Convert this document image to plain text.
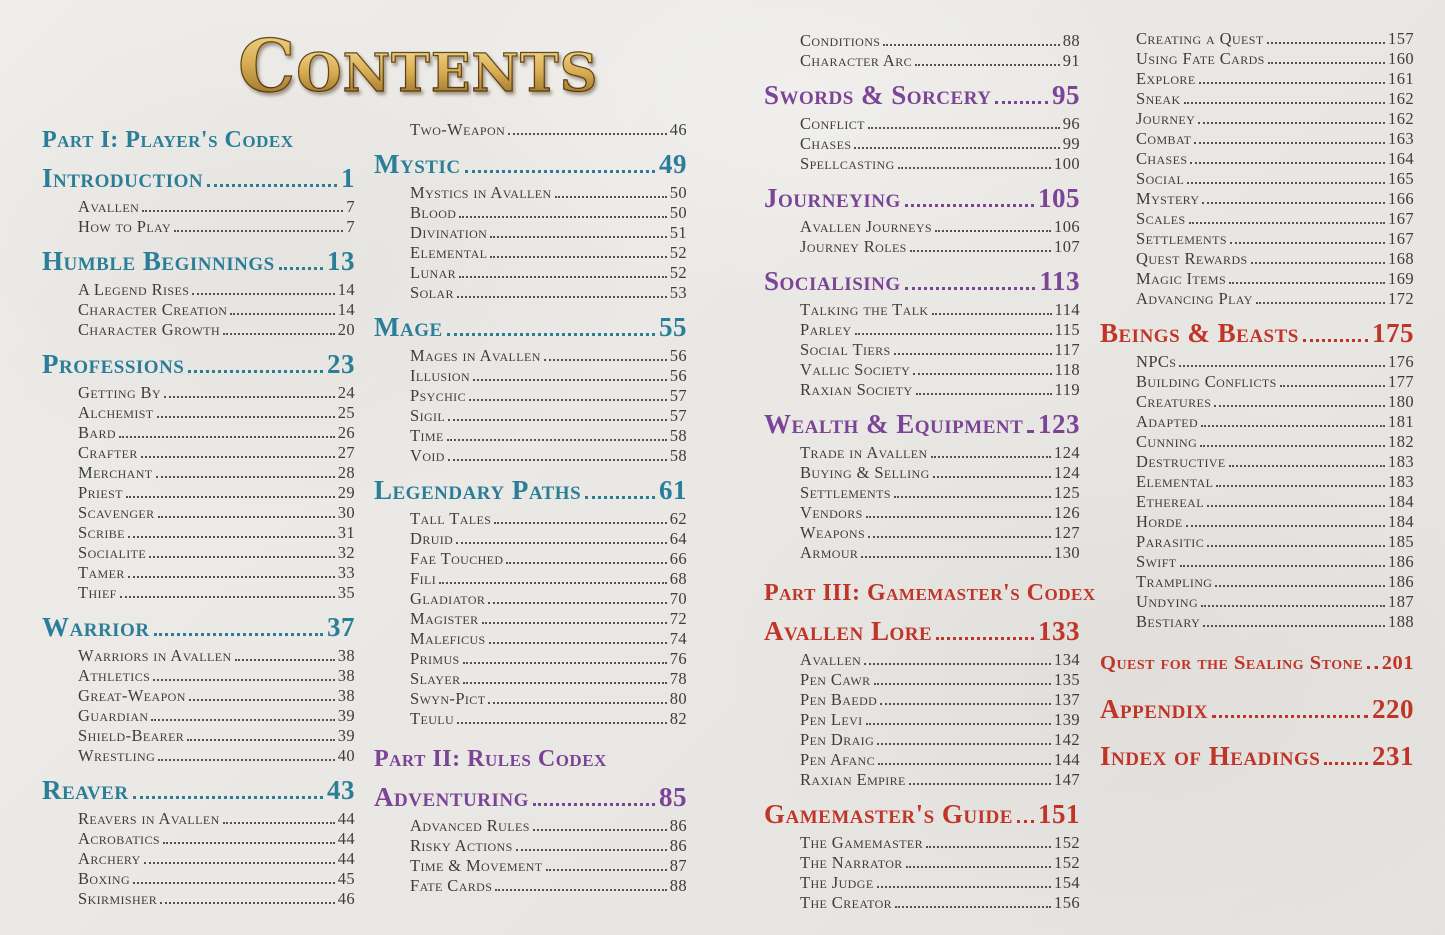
CONTENTS
Part I: Player's Codex
Introduction	1
Avallen	7
How to Play	7
Humble Beginnings 13
A Legend Rises	14
Character Creation	14
Character Growth	20
Professions	23
Getting By	24
Alchemist	25
Bard	26
Crafter	27
Merchant	28
Priest	29
Scavenger	30
Scribe	31
Socialite	32
Tamer	33
Thief	35
Warrior	37
Warriors in Avallen	38
Athletics	38
Great-Weapon	38
Guardian	39
Shield-Bearer	39
Wrestling	40
Reaver	43
Reavers in Avallen	44
Acrobatics	44
Archery	44
Boxing	45
Skirmisher	46
Two-Weapon	46
Mystic	49
Mystics in Avallen	50
Blood	50
Divination	51
Elemental	52
Lunar	52
Solar	53
Mage	55
Mages in Avallen	56
Illusion	56
Psychic	57
Sigil	57
Time	58
Void	58
Legendary Paths	61
Tall Tales	62
Druid	64
Fae Touched	66
Fili	68
Gladiator	70
Magister	72
Maleficus	74
Primus	76
Slayer	78
Swyn-Pict	80
Teulu	82
Part II: Rules Codex
Adventuring	85
Advanced Rules	86
Risky Actions	86
Time & Movement	87
Fate Cards	88
Conditions	88
Character Arc	91
Swords & Sorcery 95
Conflict	96
Chases	99
Spellcasting	100
Journeying	105
Avallen Journeys	106
Journey Roles	107
Socialising	113
Talking the Talk	114
Parley	115
Social Tiers	117
Vallic Society	118
Raxian Society	119
Wealth & Equipment 123
Trade in Avallen	124
Buying & Selling	124
Settlements	125
Vendors	126
Weapons	127
Armour	130
Part III: Gamemaster's Codex
Avallen Lore	133
Avallen	134
Pen Cawr	135
Pen Baedd	137
Pen Levi	139
Pen Draig	142
Pen Afanc	144
Raxian Empire	147
Gamemaster's Guide 151
The Gamemaster	152
The Narrator	152
The Judge	154
The Creator	156
Creating a Quest	157
Using Fate Cards	160
Explore	161
Sneak	162
Journey	162
Combat	163
Chases	164
Social	165
Mystery	166
Scales	167
Settlements	167
Quest Rewards	168
Magic Items	169
Advancing Play	172
Beings & Beasts	175
NPCs	176
Building Conflicts	177
Creatures	180
Adapted	181
Cunning	182
Destructive	183
Elemental	183
Ethereal	184
Horde	184
Parasitic	185
Swift	186
Trampling	186
Undying	187
Bestiary	188
Quest for the Sealing Stone 201
Appendix	220
Index of Headings 231
